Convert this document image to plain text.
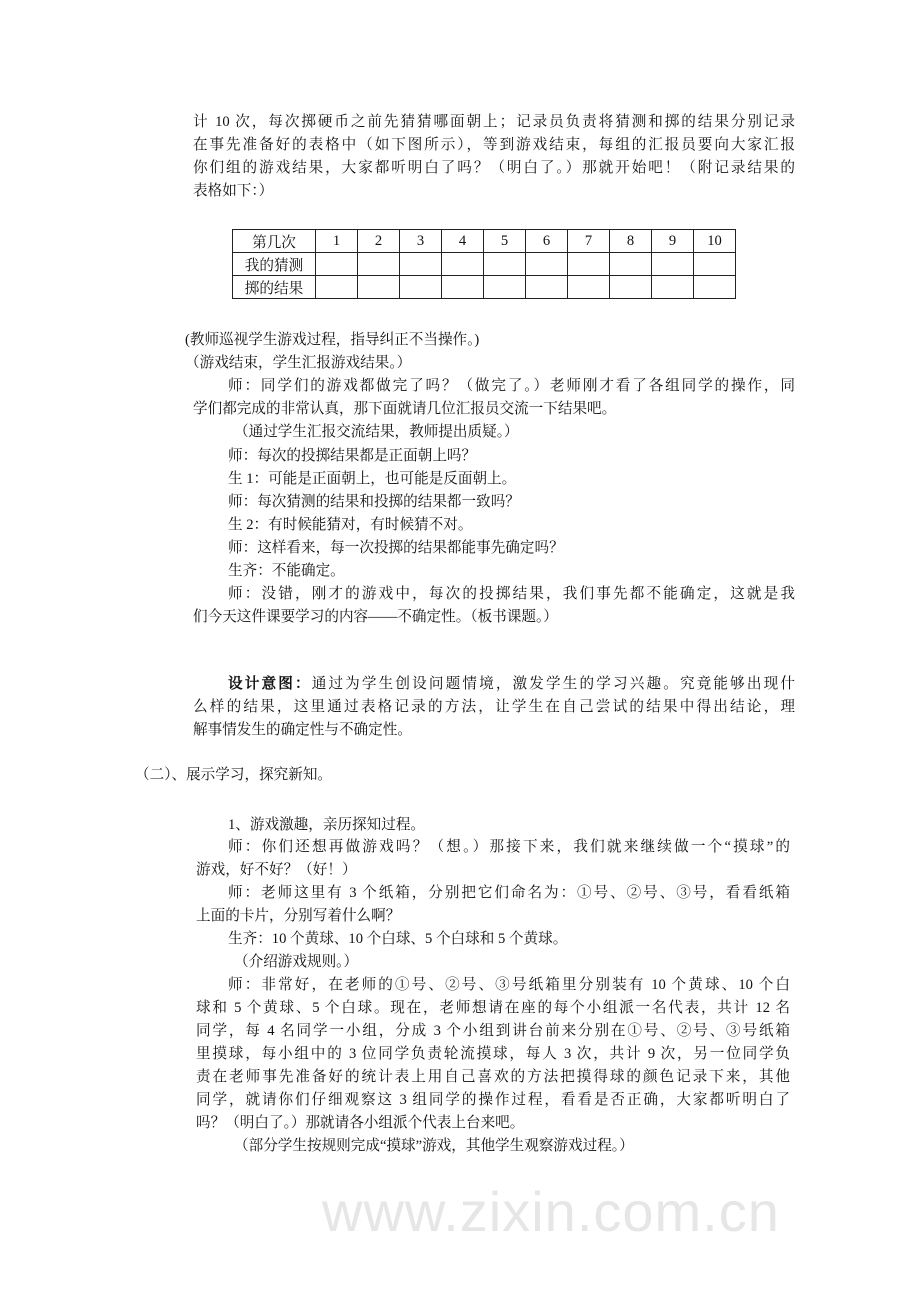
www.zixin.com.cn
计 10 次，每次掷硬币之前先猜猜哪面朝上；记录员负责将猜测和掷的结果分别记录
在事先准备好的表格中（如下图所示），等到游戏结束，每组的汇报员要向大家汇报
你们组的游戏结果，大家都听明白了吗？（明白了。）那就开始吧！（附记录结果的
表格如下：）
(教师巡视学生游戏过程，指导纠正不当操作。)
（游戏结束，学生汇报游戏结果。）
师：同学们的游戏都做完了吗？（做完了。）老师刚才看了各组同学的操作，同
学们都完成的非常认真，那下面就请几位汇报员交流一下结果吧。
（通过学生汇报交流结果，教师提出质疑。）
师：每次的投掷结果都是正面朝上吗？
生 1：可能是正面朝上，也可能是反面朝上。
师：每次猜测的结果和投掷的结果都一致吗？
生 2：有时候能猜对，有时候猜不对。
师：这样看来，每一次投掷的结果都能事先确定吗？
生齐：不能确定。
师：没错，刚才的游戏中，每次的投掷结果，我们事先都不能确定，这就是我
们今天这件课要学习的内容——不确定性。（板书课题。）
设计意图：通过为学生创设问题情境，激发学生的学习兴趣。究竟能够出现什
么样的结果，这里通过表格记录的方法，让学生在自己尝试的结果中得出结论，理
解事情发生的确定性与不确定性。
（二）、展示学习，探究新知。
1、游戏激趣，亲历探知过程。
师：你们还想再做游戏吗？（想。）那接下来，我们就来继续做一个“摸球”的
游戏，好不好？（好！）
师：老师这里有 3 个纸箱，分别把它们命名为：①号、②号、③号，看看纸箱
上面的卡片，分别写着什么啊？
生齐：10 个黄球、10 个白球、5 个白球和 5 个黄球。
（介绍游戏规则。）
师：非常好，在老师的①号、②号、③号纸箱里分别装有 10 个黄球、10 个白
球和 5 个黄球、5 个白球。现在，老师想请在座的每个小组派一名代表，共计 12 名
同学，每 4 名同学一小组，分成 3 个小组到讲台前来分别在①号、②号、③号纸箱
里摸球，每小组中的 3 位同学负责轮流摸球，每人 3 次，共计 9 次，另一位同学负
责在老师事先准备好的统计表上用自己喜欢的方法把摸得球的颜色记录下来，其他
同学，就请你们仔细观察这 3 组同学的操作过程，看看是否正确，大家都听明白了
吗？（明白了。）那就请各小组派个代表上台来吧。
（部分学生按规则完成“摸球”游戏，其他学生观察游戏过程。）
第几次	1	2	3	4	5	6	7	8	9	10
我的猜测										
掷的结果										
